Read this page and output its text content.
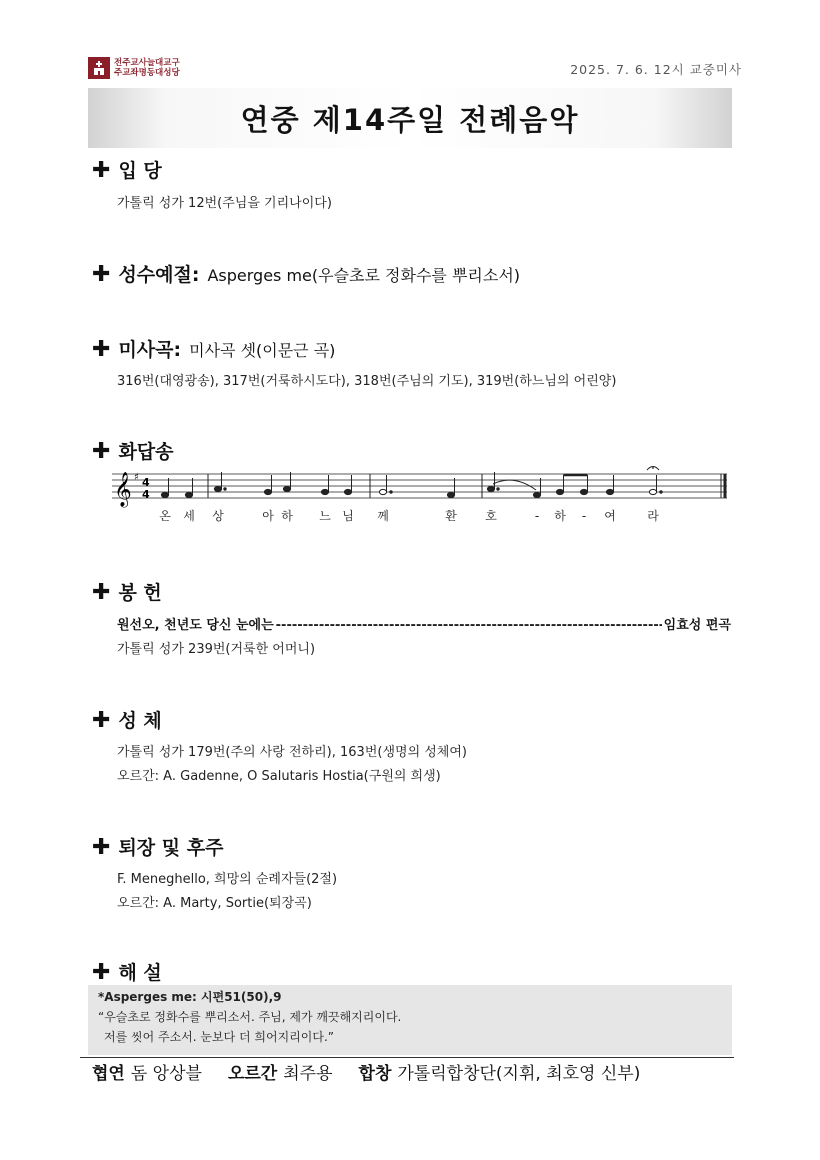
전주교사늘대교구
주교좌명동대성당	2025. 7. 6. 12시 교중미사
연중 제14주일 전례음악
✚ 입 당
가톨릭 성가 12번(주님을 기리나이다)
✚ 성수예절: Asperges me(우슬초로 정화수를 뿌리소서)
✚ 미사곡: 미사곡 셋(이문근 곡)
316번(대영광송), 317번(거룩하시도다), 318번(주님의 기도), 319번(하느님의 어린양)
✚ 화답송
𝄞 ♯ 4
4
온 세 상	아 하 느 님 께	환 호	- 하 - 여	라
✚ 봉 헌
원선오, 천년도 당신 눈에는
-----	임효성 편곡
가톨릭 성가 239번(거룩한 어머니)
✚ 성 체
가톨릭 성가 179번(주의 사랑 전하리), 163번(생명의 성체여)
오르간: A. Gadenne, O Salutaris Hostia(구원의 희생)
✚ 퇴장 및 후주
F. Meneghello, 희망의 순례자들(2절)
오르간: A. Marty, Sortie(퇴장곡)
✚ 해 설
*Asperges me: 시편51(50),9
“우슬초로 정화수를 뿌리소서. 주님, 제가 깨끗해지리이다.
저를 씻어 주소서. 눈보다 더 희어지리이다.”
협연 돔 앙상블 오르간 최주용 합창 가톨릭합창단(지휘, 최호영 신부)
